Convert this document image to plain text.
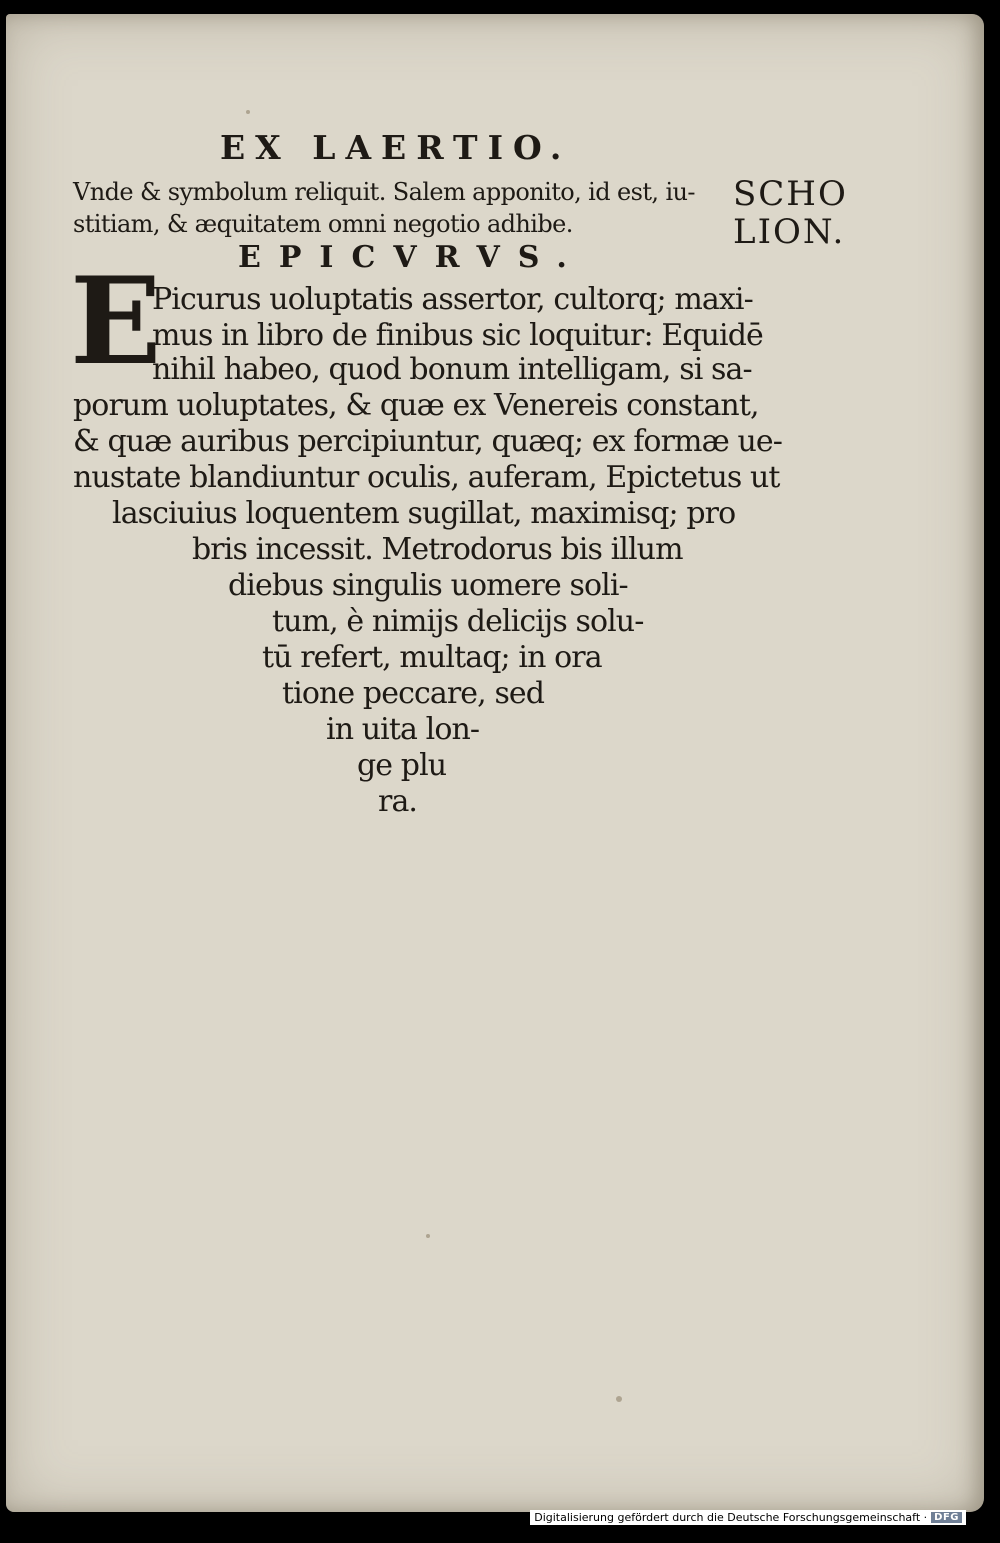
EX LAERTIO.
Vnde & symbolum reliquit. Salem apponito, id est, iu-
stitiam, & æquitatem omni negotio adhibe.
SCHO
LION.
EPICVRVS.
E
Picurus uoluptatis assertor, cultorq; maxi-
mus in libro de finibus sic loquitur: Equidē
nihil habeo, quod bonum intelligam, si sa-
porum uoluptates, & quæ ex Venereis constant,
& quæ auribus percipiuntur, quæq; ex formæ ue-
nustate blandiuntur oculis, auferam, Epictetus ut
lasciuius loquentem sugillat, maximisq; pro
bris incessit. Metrodorus bis illum
diebus singulis uomere soli-
tum, è nimijs delicijs solu-
tū refert, multaq; in ora
tione peccare, sed
in uita lon-
ge plu
ra.
Digitalisierung gefördert durch die Deutsche Forschungsgemeinschaft · DFG
